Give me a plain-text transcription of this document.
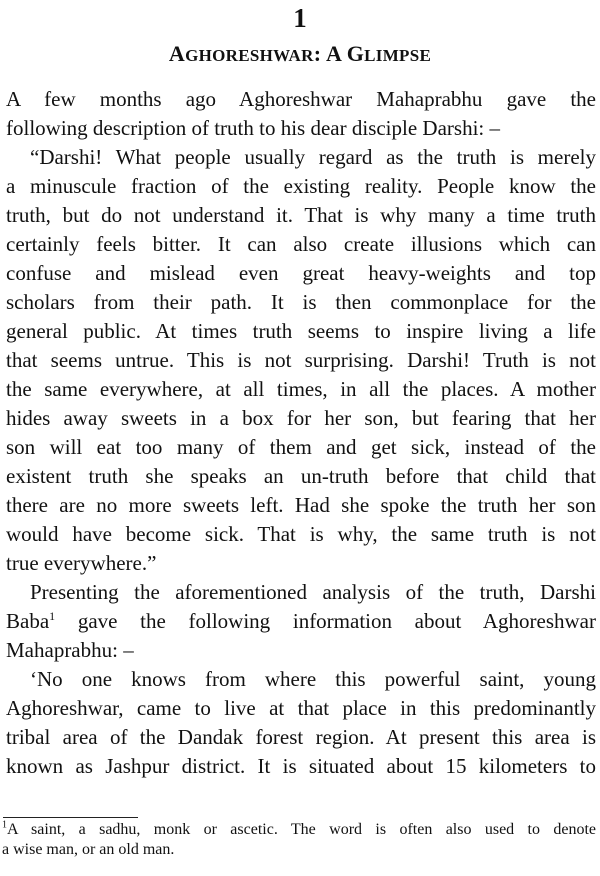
1
AGHORESHWAR: A GLIMPSE
A few months ago Aghoreshwar Mahaprabhu gave the
following description of truth to his dear disciple Darshi: –
“Darshi! What people usually regard as the truth is merely
a minuscule fraction of the existing reality. People know the
truth, but do not understand it. That is why many a time truth
certainly feels bitter. It can also create illusions which can
confuse and mislead even great heavy-weights and top
scholars from their path. It is then commonplace for the
general public. At times truth seems to inspire living a life
that seems untrue. This is not surprising. Darshi! Truth is not
the same everywhere, at all times, in all the places. A mother
hides away sweets in a box for her son, but fearing that her
son will eat too many of them and get sick, instead of the
existent truth she speaks an un-truth before that child that
there are no more sweets left. Had she spoke the truth her son
would have become sick. That is why, the same truth is not
true everywhere.”
Presenting the aforementioned analysis of the truth, Darshi
Baba$^1$ gave the following information about Aghoreshwar
Mahaprabhu: –
‘No one knows from where this powerful saint, young
Aghoreshwar, came to live at that place in this predominantly
tribal area of the Dandak forest region. At present this area is
known as Jashpur district. It is situated about 15 kilometers to
$^1$A saint, a sadhu, monk or ascetic. The word is often also used to denote
a wise man, or an old man.
